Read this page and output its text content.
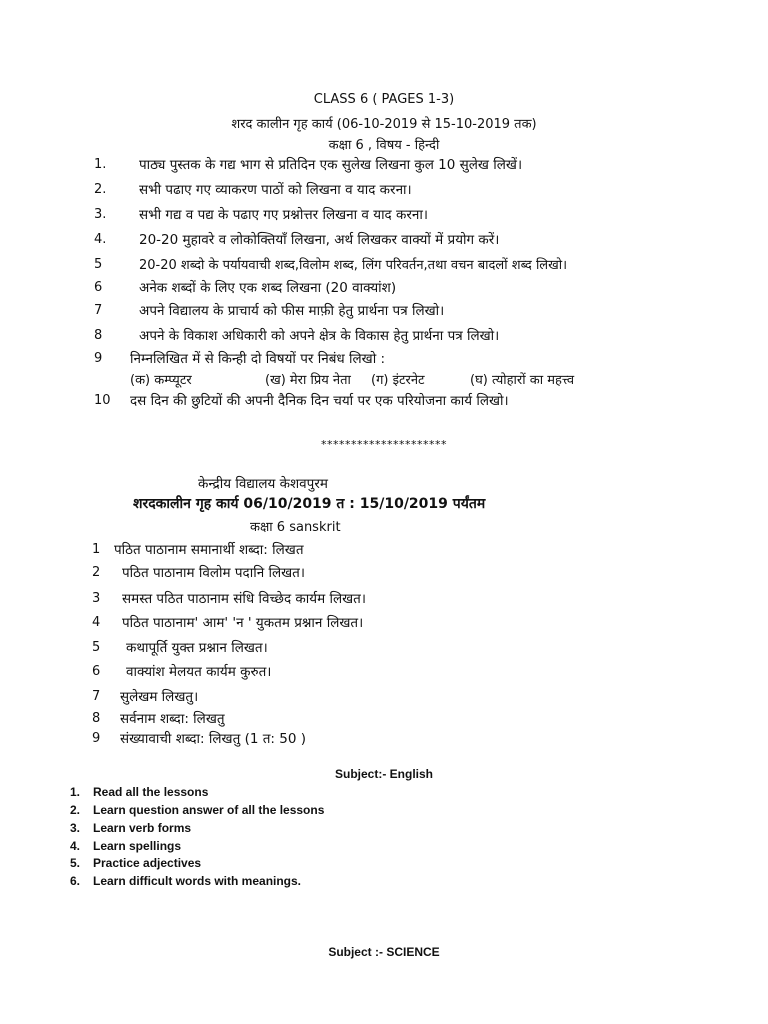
CLASS 6 ( PAGES 1-3)
शरद कालीन गृह कार्य (06-10-2019 से 15-10-2019 तक)
कक्षा 6 , विषय - हिन्दी
1. पाठ्य पुस्तक के गद्य भाग से प्रतिदिन एक सुलेख लिखना कुल 10 सुलेख लिखें।
2. सभी पढाए गए व्याकरण पाठों को लिखना व याद करना।
3. सभी गद्य व पद्य के पढाए गए प्रश्नोत्तर लिखना व याद करना।
4. 20-20 मुहावरे व लोकोक्तियाँ लिखना, अर्थ लिखकर वाक्यों में प्रयोग करें।
5	20-20 शब्दो के पर्यायवाची शब्द,विलोम शब्द, लिंग परिवर्तन,तथा वचन बादलों शब्द लिखो।
6	अनेक शब्दों के लिए एक शब्द लिखना (20 वाक्यांश)
7	अपने विद्यालय के प्राचार्य को फीस माफ़ी हेतु प्रार्थना पत्र लिखो।
8	अपने के विकाश अधिकारी को अपने क्षेत्र के विकास हेतु प्रार्थना पत्र लिखो।
9 निम्नलिखित में से किन्ही दो विषयों पर निबंध लिखो :
(क) कम्प्यूटर	(ख) मेरा प्रिय नेता (ग) इंटरनेट	(घ) त्योहारों का महत्त्व
10 दस दिन की छुटियों की अपनी दैनिक दिन चर्या पर एक परियोजना कार्य लिखो।
*********************
केन्द्रीय विद्यालय केशवपुरम
शरदकालीन गृह कार्य 06/10/2019 त : 15/10/2019 पर्यंतम
कक्षा 6 sanskrit
1 पठित पाठानाम समानार्थी शब्दा: लिखत
2 पठित पाठानाम विलोम पदानि लिखत।
3 समस्त पठित पाठानाम संधि विच्छेद कार्यम लिखत।
4 पठित पाठानाम' आम' 'न ' युकतम प्रश्नान लिखत।
5 कथापूर्ति युक्त प्रश्नान लिखत।
6 वाक्यांश मेलयत कार्यम कुरुत।
7 सुलेखम लिखतु।
8 सर्वनाम शब्दा: लिखतु
9 संख्यावाची शब्दा: लिखतु (1 त: 50 )
Subject:- English
1. Read all the lessons
2. Learn question answer of all the lessons
3. Learn verb forms
4. Learn spellings
5. Practice adjectives
6. Learn difficult words with meanings.
Subject :- SCIENCE
